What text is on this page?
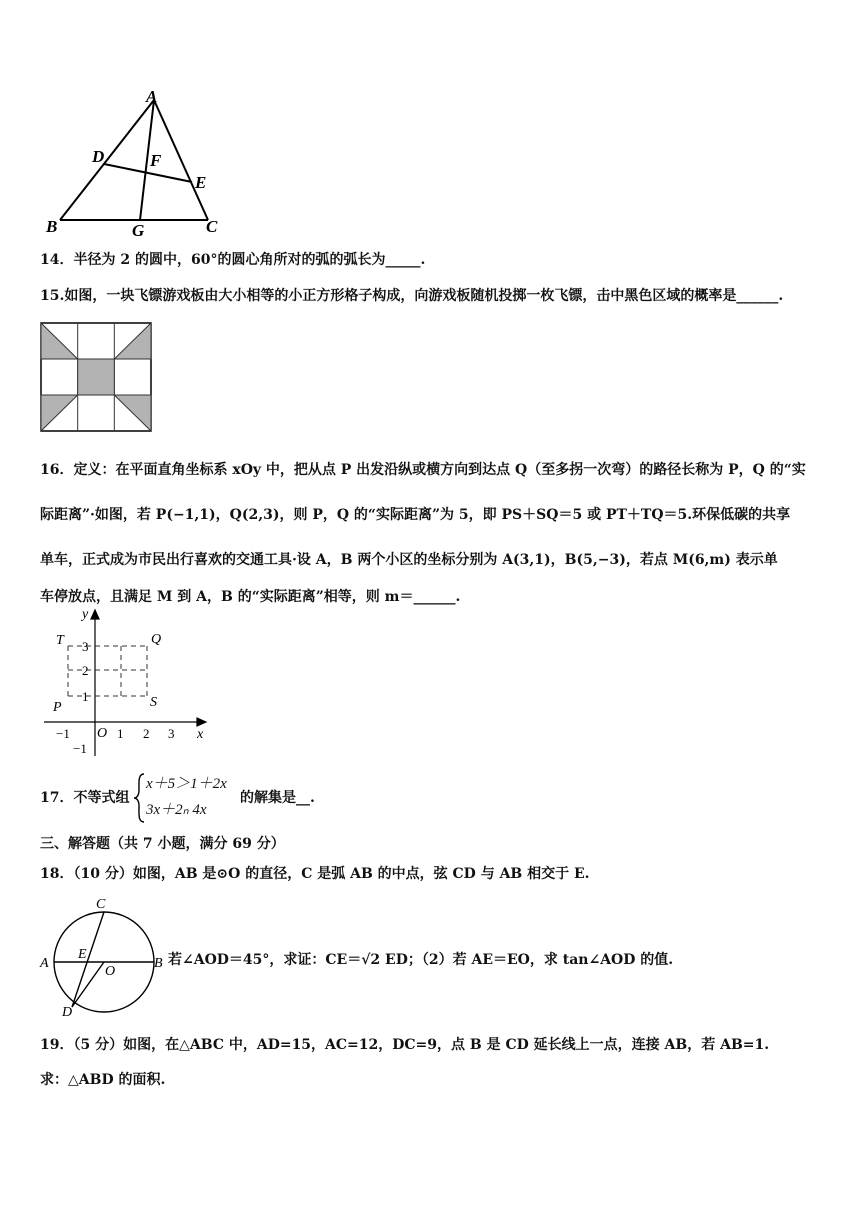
A
D	F
E
B	G	C
14．半径为 2 的圆中，60°的圆心角所对的弧的弧长为_____.
15.如图，一块飞镖游戏板由大小相等的小正方形格子构成，向游戏板随机投掷一枚飞镖，击中黑色区域的概率是______.
16．定义：在平面直角坐标系 xOy 中，把从点 P 出发沿纵或横方向到达点 Q（至多拐一次弯）的路径长称为 P，Q 的“实
际距离”·如图，若 P(−1,1)，Q(2,3)，则 P，Q 的“实际距离”为 5，即 PS＋SQ＝5 或 PT＋TQ＝5.环保低碳的共享
单车，正式成为市民出行喜欢的交通工具·设 A，B 两个小区的坐标分别为 A(3,1)，B(5,−3)，若点 M(6,m) 表示单
车停放点，且满足 M 到 A，B 的“实际距离”相等，则 m＝______.
y
x
O
T	Q
P	S
−1	1 2 3
3
2
1
−1
17．不等式组
x＋5＞1＋2x
3x＋2ₙ 4x
的解集是__.
三、解答题（共 7 小题，满分 69 分）
18．（10 分）如图，AB 是⊙O 的直径，C 是弧 AB 的中点，弦 CD 与 AB 相交于 E.
C
A	B
E
O
D
若∠AOD＝45°，求证：CE＝√2 ED；（2）若 AE＝EO，求 tan∠AOD 的值.
19．（5 分）如图，在△ABC 中，AD=15，AC=12，DC=9，点 B 是 CD 延长线上一点，连接 AB，若 AB=1.
求：△ABD 的面积.
